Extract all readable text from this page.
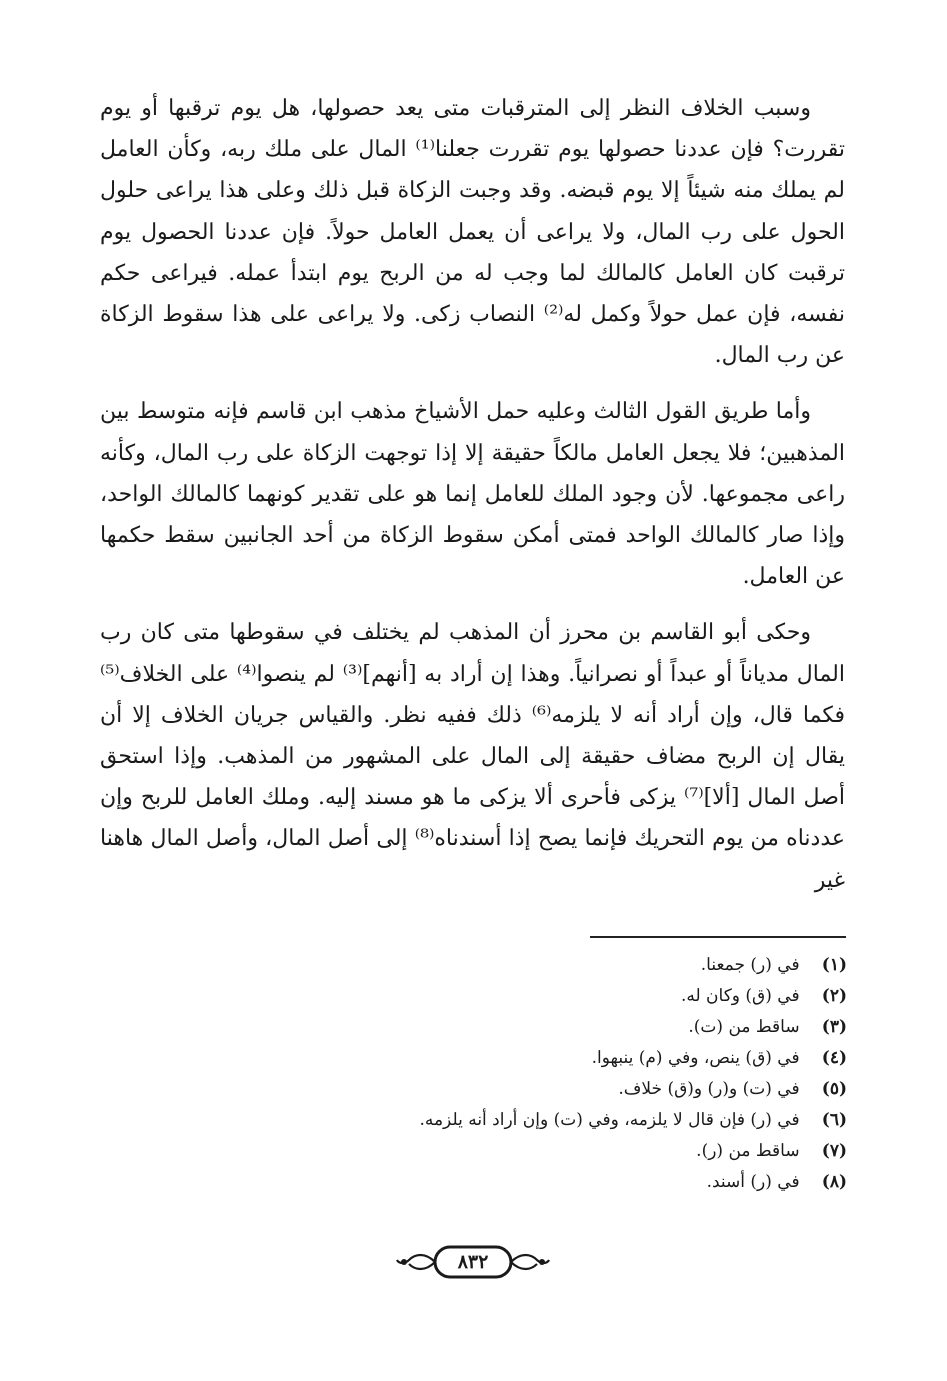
وسبب الخلاف النظر إلى المترقبات متى يعد حصولها، هل يوم ترقبها أو يوم تقررت؟ فإن عددنا حصولها يوم تقررت جعلنا⁽¹⁾ المال على ملك ربه، وكأن العامل لم يملك منه شيئاً إلا يوم قبضه. وقد وجبت الزكاة قبل ذلك وعلى هذا يراعى حلول الحول على رب المال، ولا يراعى أن يعمل العامل حولاً. فإن عددنا الحصول يوم ترقبت كان العامل كالمالك لما وجب له من الربح يوم ابتدأ عمله. فيراعى حكم نفسه، فإن عمل حولاً وكمل له⁽²⁾ النصاب زكى. ولا يراعى على هذا سقوط الزكاة عن رب المال.

وأما طريق القول الثالث وعليه حمل الأشياخ مذهب ابن قاسم فإنه متوسط بين المذهبين؛ فلا يجعل العامل مالكاً حقيقة إلا إذا توجهت الزكاة على رب المال، وكأنه راعى مجموعها. لأن وجود الملك للعامل إنما هو على تقدير كونهما كالمالك الواحد، وإذا صار كالمالك الواحد فمتى أمكن سقوط الزكاة من أحد الجانبين سقط حكمها عن العامل.

وحكى أبو القاسم بن محرز أن المذهب لم يختلف في سقوطها متى كان رب المال مدياناً أو عبداً أو نصرانياً. وهذا إن أراد به [أنهم]⁽³⁾ لم ينصوا⁽⁴⁾ على الخلاف⁽⁵⁾ فكما قال، وإن أراد أنه لا يلزمه⁽⁶⁾ ذلك ففيه نظر. والقياس جريان الخلاف إلا أن يقال إن الربح مضاف حقيقة إلى المال على المشهور من المذهب. وإذا استحق أصل المال [ألا]⁽⁷⁾ يزكى فأحرى ألا يزكى ما هو مسند إليه. وملك العامل للربح وإن عددناه من يوم التحريك فإنما يصح إذا أسندناه⁽⁸⁾ إلى أصل المال، وأصل المال هاهنا غير

(١) في (ر) جمعنا.
(٢) في (ق) وكان له.
(٣) ساقط من (ت).
(٤) في (ق) ينص، وفي (م) ينبهوا.
(٥) في (ت) و(ر) و(ق) خلاف.
(٦) في (ر) فإن قال لا يلزمه، وفي (ت) وإن أراد أنه يلزمه.
(٧) ساقط من (ر).
(٨) في (ر) أسند.
٨٣٢
